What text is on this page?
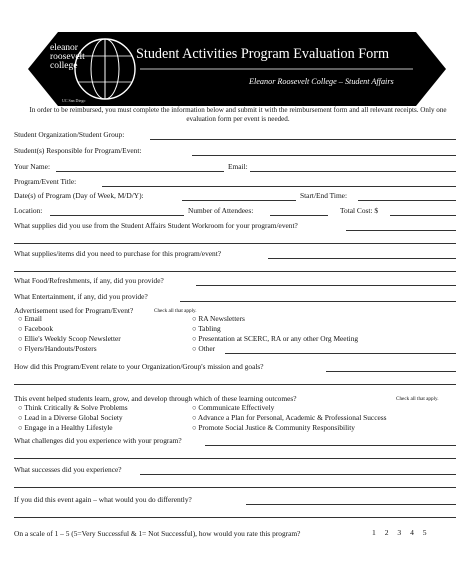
eleanor
roosevelt
college
UC San Diego
Student Activities Program Evaluation Form
Eleanor Roosevelt College – Student Affairs
In order to be reimbursed, you must complete the information below and submit it with the reimbursement form and all relevant receipts. Only one evaluation form per event is needed.
Student Organization/Student Group:
Student(s) Responsible for Program/Event:
Your Name:	Email:
Program/Event Title:
Date(s) of Program (Day of Week, M/D/Y):	Start/End Time:
Location:	Number of Attendees:	Total Cost: $
What supplies did you use from the Student Affairs Student Workroom for your program/event?
What supplies/items did you need to purchase for this program/event?
What Food/Refreshments, if any, did you provide?
What Entertainment, if any, did you provide?
Advertisement used for Program/Event?	Check all that apply.
○ Email
○ Facebook
○ Ellie's Weekly Scoop Newsletter
○ Flyers/Handouts/Posters
○ RA Newsletters
○ Tabling
○ Presentation at SCERC, RA or any other Org Meeting
○ Other
How did this Program/Event relate to your Organization/Group's mission and goals?
This event helped students learn, grow, and develop through which of these learning outcomes?	Check all that apply.
○ Think Critically & Solve Problems
○ Lead in a Diverse Global Society
○ Engage in a Healthy Lifestyle
○ Communicate Effectively
○ Advance a Plan for Personal, Academic & Professional Success
○ Promote Social Justice & Community Responsibility
What challenges did you experience with your program?
What successes did you experience?
If you did this event again – what would you do differently?
On a scale of 1 – 5 (5=Very Successful & 1= Not Successful), how would you rate this program?	1 2 3 4 5
